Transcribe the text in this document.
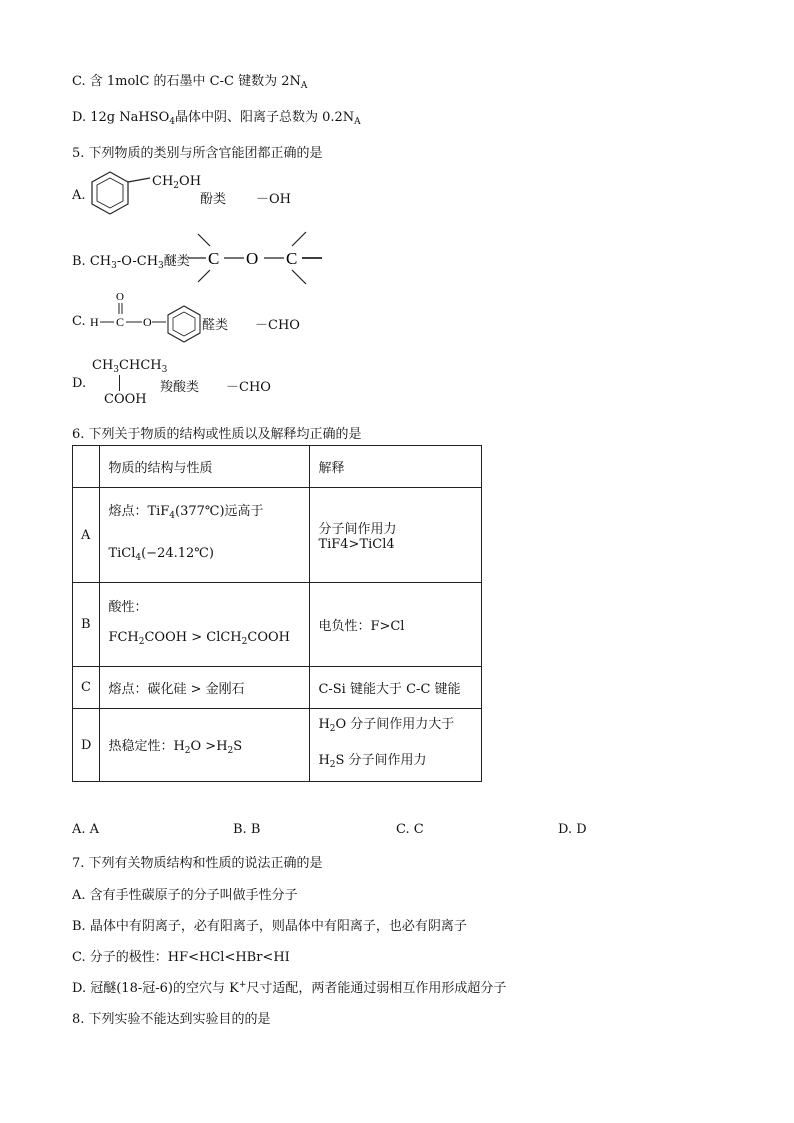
C. 含 1molC 的石墨中 C-C 键数为 $2N_A$
D. 12g NaHSO$_4$晶体中阴、阳离子总数为 $0.2N_A$
5. 下列物质的类别与所含官能团都正确的是
A.
$CH_2OH$
酚类 －OH
B. $CH_3-O-CH_3$醚类 C O C
C. H C
O
O	醛类 －CHO
D.
$CH_3CHCH_3$
COOH
羧酸类 －CHO
6. 下列关于物质的结构或性质以及解释均正确的是
	物质的结构与性质	解释
A	熔点：TiF$_4$(377℃)远高于
TiCl$_4$(−24.12℃)	分子间作用力 TiF4>TiCl4
B	酸性：
$FCH_2COOH$ > ClCH$_2$COOH	电负性：F>Cl
C	熔点：碳化硅 > 金刚石	C-Si 键能大于 C-C 键能
D	热稳定性：$H_2O >H_2S$	$H_2O$ 分子间作用力大于
$H_2S$ 分子间作用力
A. A	B. B	C. C	D. D
7. 下列有关物质结构和性质的说法正确的是
A. 含有手性碳原子的分子叫做手性分子
B. 晶体中有阴离子，必有阳离子，则晶体中有阳离子，也必有阴离子
C. 分子的极性：HF<HCl<HBr<HI
D. 冠醚(18-冠-6)的空穴与 K+尺寸适配，两者能通过弱相互作用形成超分子
8. 下列实验不能达到实验目的的是
